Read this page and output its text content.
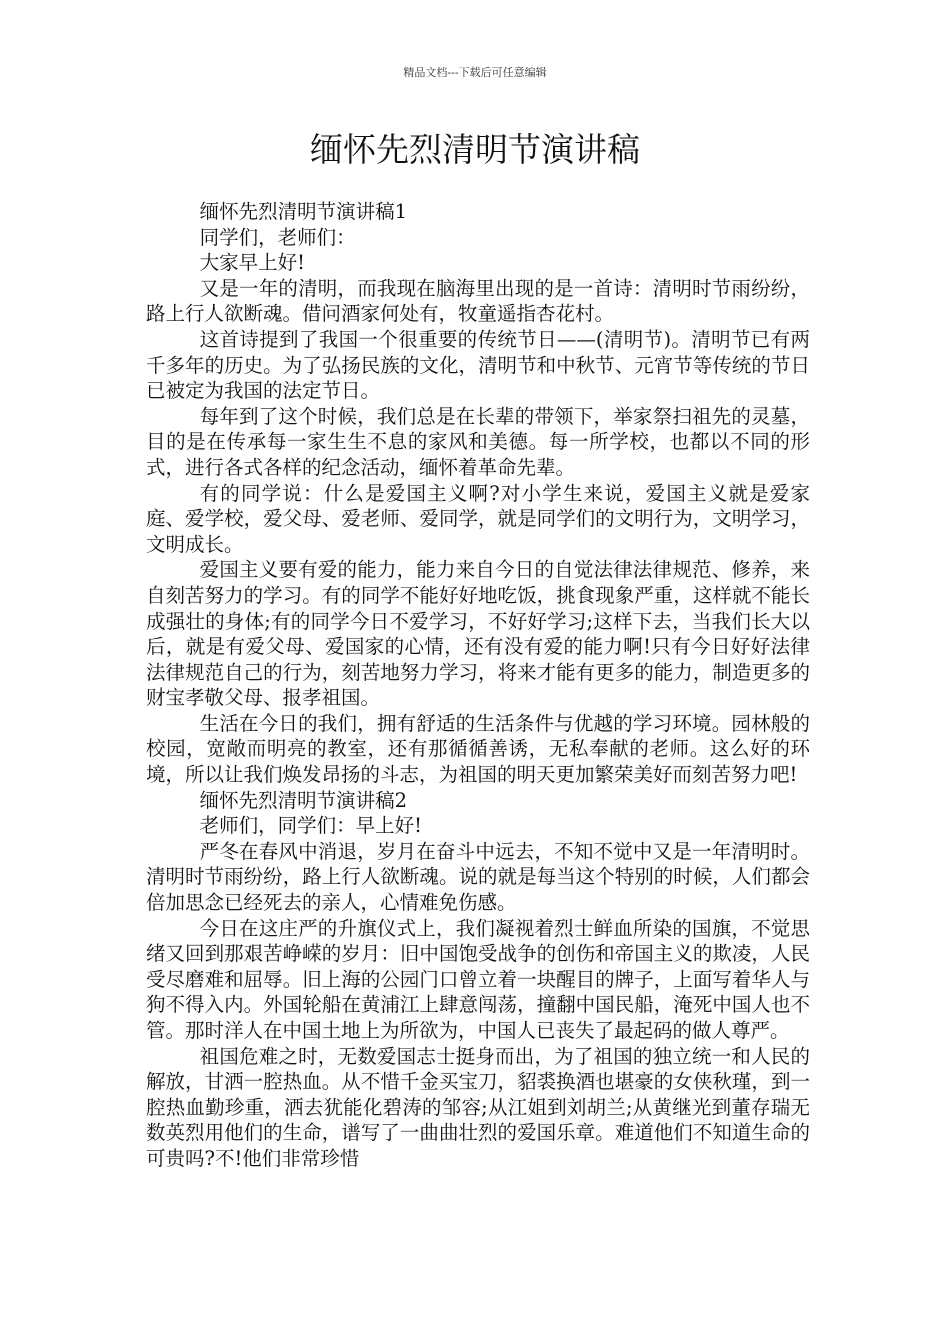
精品文档---下载后可任意编辑
缅怀先烈清明节演讲稿

缅怀先烈清明节演讲稿1

同学们，老师们：

大家早上好!

又是一年的清明，而我现在脑海里出现的是一首诗：清明时节雨纷纷，路上行人欲断魂。借问酒家何处有，牧童遥指杏花村。

这首诗提到了我国一个很重要的传统节日——(清明节)。清明节已有两千多年的历史。为了弘扬民族的文化，清明节和中秋节、元宵节等传统的节日已被定为我国的法定节日。

每年到了这个时候，我们总是在长辈的带领下，举家祭扫祖先的灵墓，目的是在传承每一家生生不息的家风和美德。每一所学校，也都以不同的形式，进行各式各样的纪念活动，缅怀着革命先辈。

有的同学说：什么是爱国主义啊?对小学生来说，爱国主义就是爱家庭、爱学校，爱父母、爱老师、爱同学，就是同学们的文明行为，文明学习，文明成长。

爱国主义要有爱的能力，能力来自今日的自觉法律法律规范、修养，来自刻苦努力的学习。有的同学不能好好地吃饭，挑食现象严重，这样就不能长成强壮的身体;有的同学今日不爱学习，不好好学习;这样下去，当我们长大以后，就是有爱父母、爱国家的心情，还有没有爱的能力啊!只有今日好好法律法律规范自己的行为，刻苦地努力学习，将来才能有更多的能力，制造更多的财宝孝敬父母、报孝祖国。

生活在今日的我们，拥有舒适的生活条件与优越的学习环境。园林般的校园，宽敞而明亮的教室，还有那循循善诱，无私奉献的老师。这么好的环境，所以让我们焕发昂扬的斗志，为祖国的明天更加繁荣美好而刻苦努力吧!

缅怀先烈清明节演讲稿2

老师们，同学们：早上好!

严冬在春风中消退，岁月在奋斗中远去，不知不觉中又是一年清明时。清明时节雨纷纷，路上行人欲断魂。说的就是每当这个特别的时候，人们都会倍加思念已经死去的亲人，心情难免伤感。

今日在这庄严的升旗仪式上，我们凝视着烈士鲜血所染的国旗，不觉思绪又回到那艰苦峥嵘的岁月：旧中国饱受战争的创伤和帝国主义的欺凌，人民受尽磨难和屈辱。旧上海的公园门口曾立着一块醒目的牌子，上面写着华人与狗不得入内。外国轮船在黄浦江上肆意闯荡，撞翻中国民船，淹死中国人也不管。那时洋人在中国土地上为所欲为，中国人已丧失了最起码的做人尊严。

祖国危难之时，无数爱国志士挺身而出，为了祖国的独立统一和人民的解放，甘洒一腔热血。从不惜千金买宝刀，貂裘换酒也堪豪的女侠秋瑾，到一腔热血勤珍重，洒去犹能化碧涛的邹容;从江姐到刘胡兰;从黄继光到董存瑞无数英烈用他们的生命，谱写了一曲曲壮烈的爱国乐章。难道他们不知道生命的可贵吗?不!他们非常珍惜
